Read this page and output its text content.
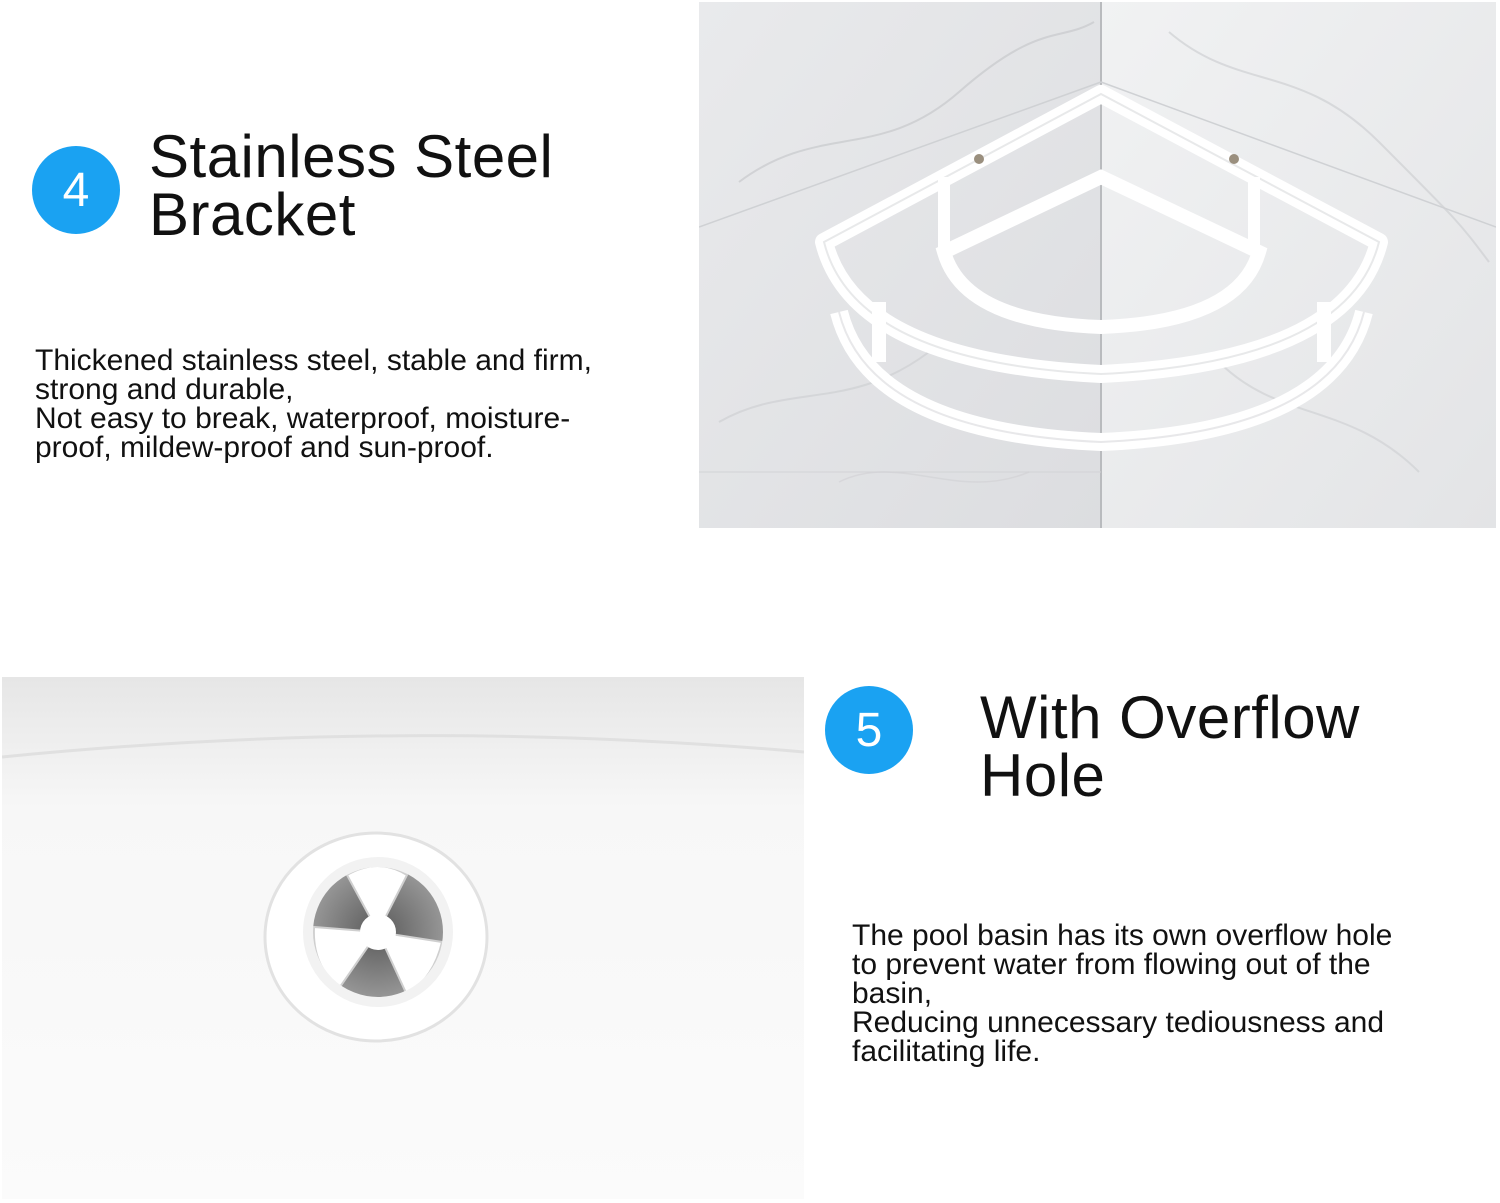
4 Stainless Steel
Bracket
Thickened stainless steel, stable and firm,
strong and durable,
Not easy to break, waterproof, moisture-
proof, mildew-proof and sun-proof.
5	With Overflow
Hole
The pool basin has its own overflow hole
to prevent water from flowing out of the
basin,
Reducing unnecessary tediousness and
facilitating life.
